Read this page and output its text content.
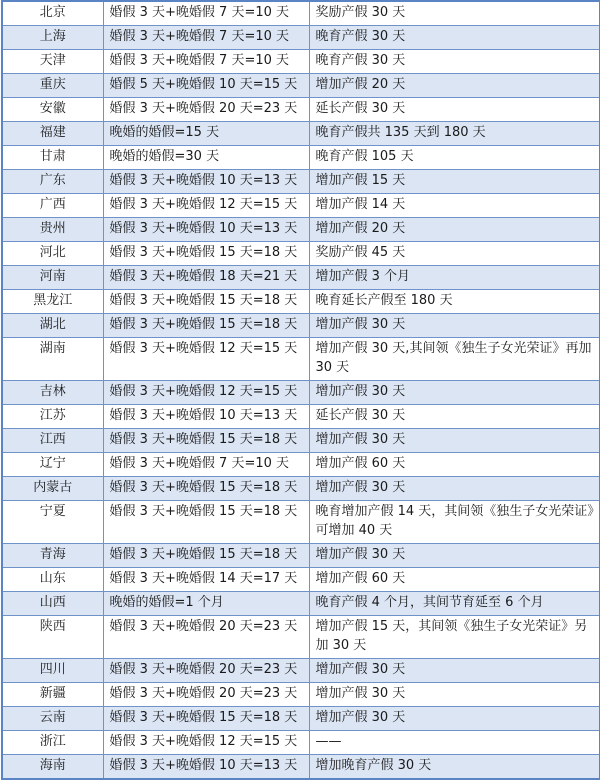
北京	婚假 3 天+晚婚假 7 天=10 天	奖励产假 30 天
上海	婚假 3 天+晚婚假 7 天=10 天	晚育产假 30 天
天津	婚假 3 天+晚婚假 7 天=10 天	晚育产假 30 天
重庆	婚假 5 天+晚婚假 10 天=15 天	增加产假 20 天
安徽	婚假 3 天+晚婚假 20 天=23 天	延长产假 30 天
福建	晚婚的婚假=15 天	晚育产假共 135 天到 180 天
甘肃	晚婚的婚假=30 天	晚育产假 105 天
广东	婚假 3 天+晚婚假 10 天=13 天	增加产假 15 天
广西	婚假 3 天+晚婚假 12 天=15 天	增加产假 14 天
贵州	婚假 3 天+晚婚假 10 天=13 天	增加产假 20 天
河北	婚假 3 天+晚婚假 15 天=18 天	奖励产假 45 天
河南	婚假 3 天+晚婚假 18 天=21 天	增加产假 3 个月
黑龙江	婚假 3 天+晚婚假 15 天=18 天	晚育延长产假至 180 天
湖北	婚假 3 天+晚婚假 15 天=18 天	增加产假 30 天
湖南	婚假 3 天+晚婚假 12 天=15 天	增加产假 30 天,其间领《独生子女光荣证》再加 30 天
吉林	婚假 3 天+晚婚假 12 天=15 天	增加产假 30 天
江苏	婚假 3 天+晚婚假 10 天=13 天	延长产假 30 天
江西	婚假 3 天+晚婚假 15 天=18 天	增加产假 30 天
辽宁	婚假 3 天+晚婚假 7 天=10 天	增加产假 60 天
内蒙古	婚假 3 天+晚婚假 15 天=18 天	增加产假 30 天
宁夏	婚假 3 天+晚婚假 15 天=18 天	晚育增加产假 14 天，其间领《独生子女光荣证》可增加 40 天
青海	婚假 3 天+晚婚假 15 天=18 天	增加产假 30 天
山东	婚假 3 天+晚婚假 14 天=17 天	增加产假 60 天
山西	晚婚的婚假=1 个月	晚育产假 4 个月，其间节育延至 6 个月
陕西	婚假 3 天+晚婚假 20 天=23 天	增加产假 15 天，其间领《独生子女光荣证》另加 30 天
四川	婚假 3 天+晚婚假 20 天=23 天	增加产假 30 天
新疆	婚假 3 天+晚婚假 20 天=23 天	增加产假 30 天
云南	婚假 3 天+晚婚假 15 天=18 天	增加产假 30 天
浙江	婚假 3 天+晚婚假 12 天=15 天	——
海南	婚假 3 天+晚婚假 10 天=13 天	增加晚育产假 30 天
